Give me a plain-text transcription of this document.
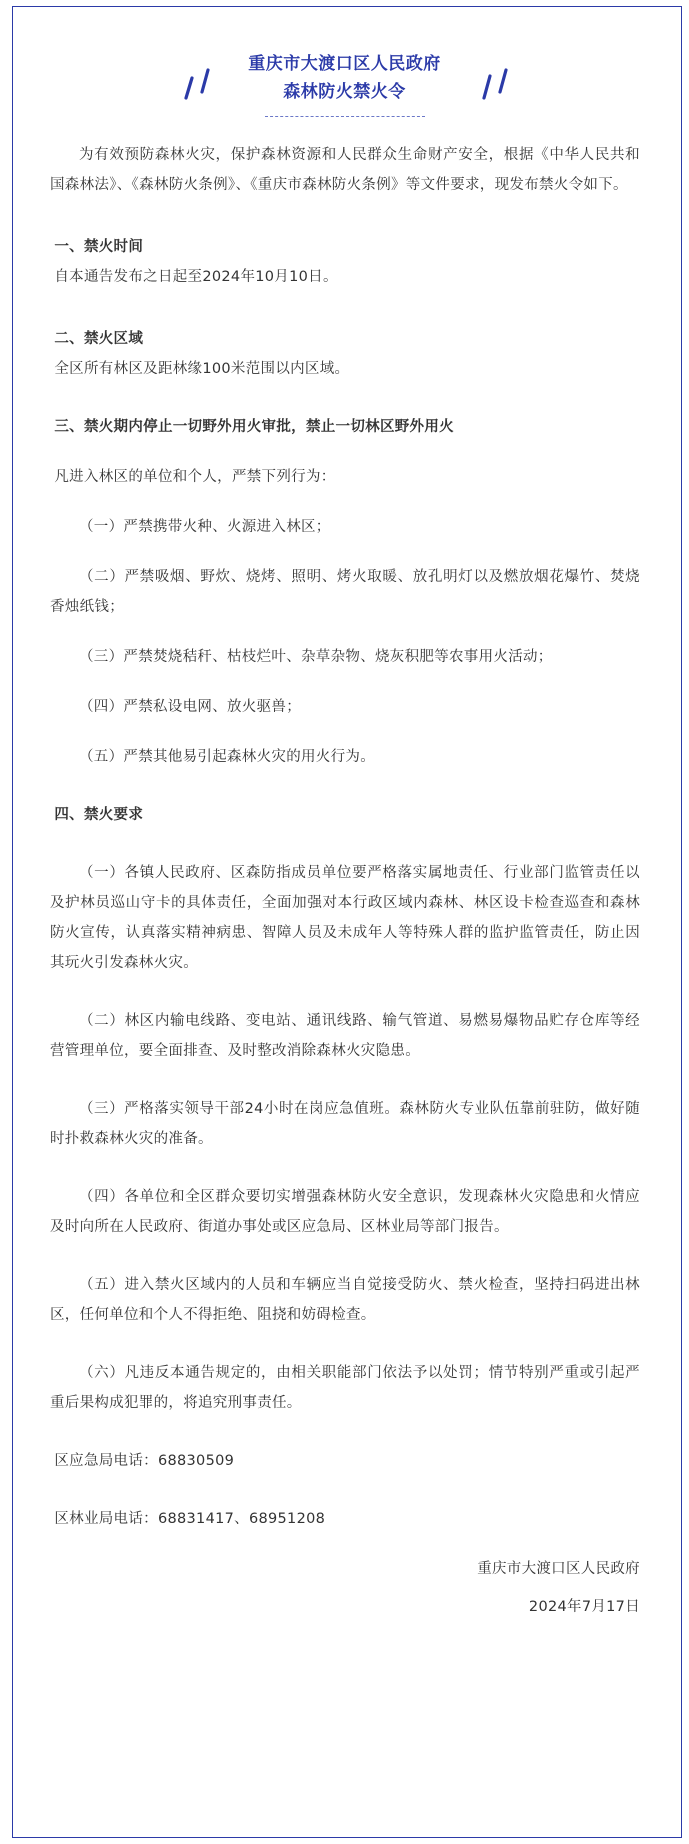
重庆市大渡口区人民政府
森林防火禁火令

为有效预防森林火灾，保护森林资源和人民群众生命财产安全，根据《中华人民共和国森林法》、《森林防火条例》、《重庆市森林防火条例》等文件要求，现发布禁火令如下。

一、禁火时间

自本通告发布之日起至2024年10月10日。

二、禁火区域

全区所有林区及距林缘100米范围以内区域。

三、禁火期内停止一切野外用火审批，禁止一切林区野外用火

凡进入林区的单位和个人，严禁下列行为：

（一）严禁携带火种、火源进入林区；

（二）严禁吸烟、野炊、烧烤、照明、烤火取暖、放孔明灯以及燃放烟花爆竹、焚烧香烛纸钱；

（三）严禁焚烧秸秆、枯枝烂叶、杂草杂物、烧灰积肥等农事用火活动；

（四）严禁私设电网、放火驱兽；

（五）严禁其他易引起森林火灾的用火行为。

四、禁火要求

（一）各镇人民政府、区森防指成员单位要严格落实属地责任、行业部门监管责任以及护林员巡山守卡的具体责任，全面加强对本行政区域内森林、林区设卡检查巡查和森林防火宣传，认真落实精神病患、智障人员及未成年人等特殊人群的监护监管责任，防止因其玩火引发森林火灾。

（二）林区内输电线路、变电站、通讯线路、输气管道、易燃易爆物品贮存仓库等经营管理单位，要全面排查、及时整改消除森林火灾隐患。

（三）严格落实领导干部24小时在岗应急值班。森林防火专业队伍靠前驻防，做好随时扑救森林火灾的准备。

（四）各单位和全区群众要切实增强森林防火安全意识，发现森林火灾隐患和火情应及时向所在人民政府、街道办事处或区应急局、区林业局等部门报告。

（五）进入禁火区域内的人员和车辆应当自觉接受防火、禁火检查，坚持扫码进出林区，任何单位和个人不得拒绝、阻挠和妨碍检查。

（六）凡违反本通告规定的，由相关职能部门依法予以处罚；情节特别严重或引起严重后果构成犯罪的，将追究刑事责任。

区应急局电话：68830509

区林业局电话：68831417、68951208

重庆市大渡口区人民政府

2024年7月17日
